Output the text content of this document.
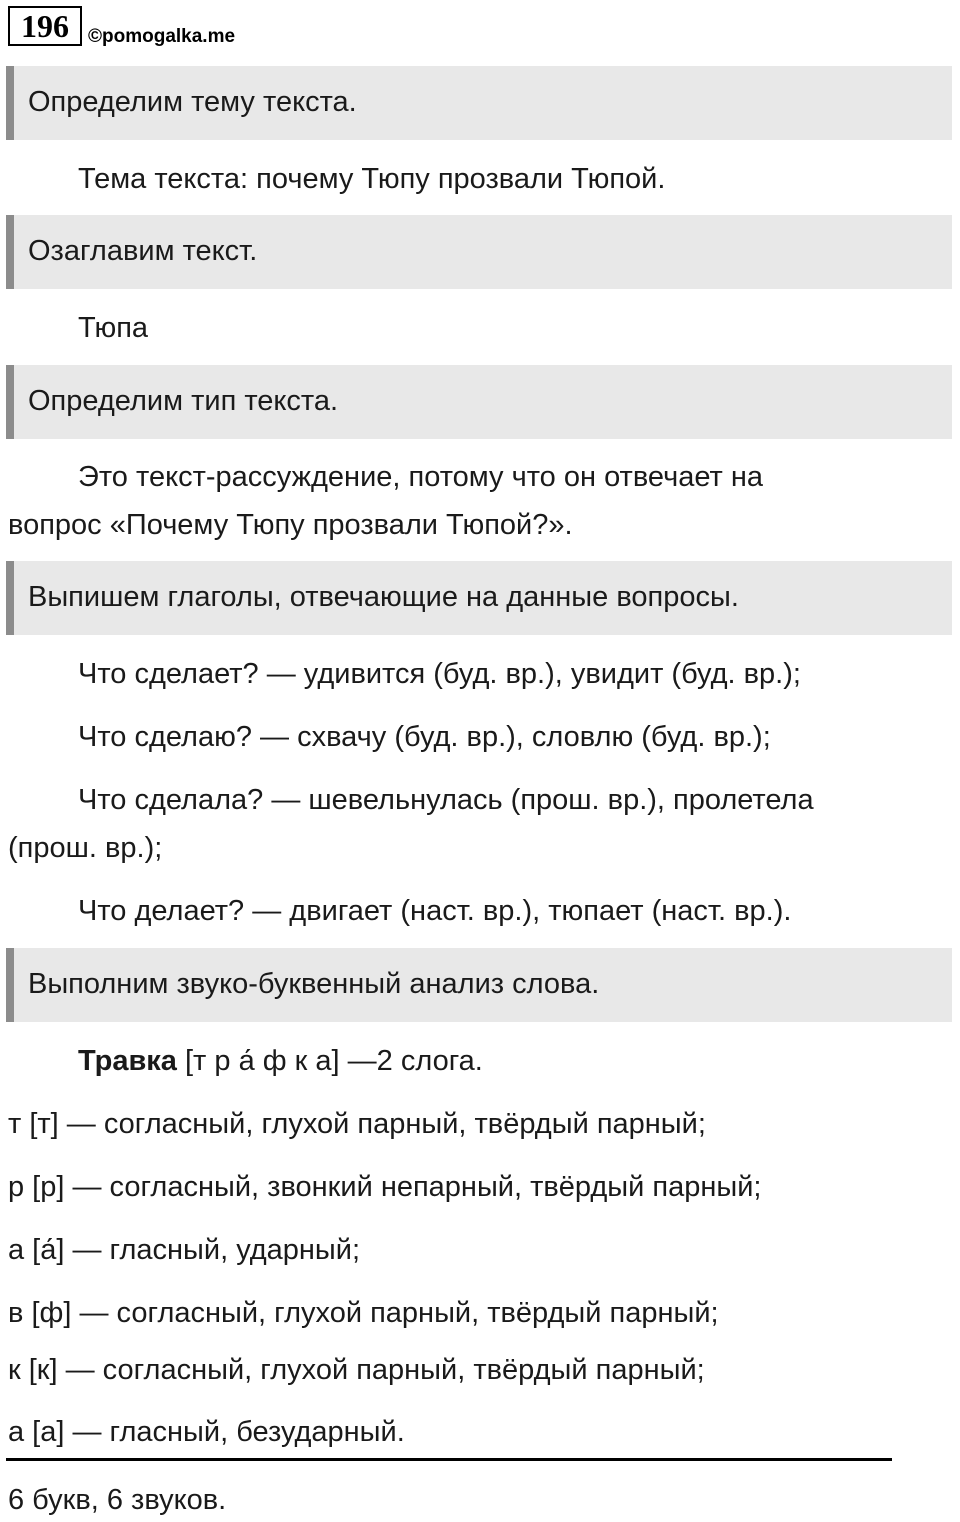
196	©pomogalka.me
Определим тему текста.
Тема текста: почему Тюпу прозвали Тюпой.
Озаглавим текст.
Тюпа
Определим тип текста.
Это текст-рассуждение, потому что он отвечает на
вопрос «Почему Тюпу прозвали Тюпой?».
Выпишем глаголы, отвечающие на данные вопросы.
Что сделает? — удивится (буд. вр.), увидит (буд. вр.);
Что сделаю? — схвачу (буд. вр.), словлю (буд. вр.);
Что сделала? — шевельнулась (прош. вр.), пролетела
(прош. вр.);
Что делает? — двигает (наст. вр.), тюпает (наст. вр.).
Выполним звуко-буквенный анализ слова.
Травка [т р а́ ф к а] —2 слога.
т [т] — согласный, глухой парный, твёрдый парный;
р [р] — согласный, звонкий непарный, твёрдый парный;
а [а́] — гласный, ударный;
в [ф] — согласный, глухой парный, твёрдый парный;
к [к] — согласный, глухой парный, твёрдый парный;
а [а] — гласный, безударный.
6 букв, 6 звуков.
